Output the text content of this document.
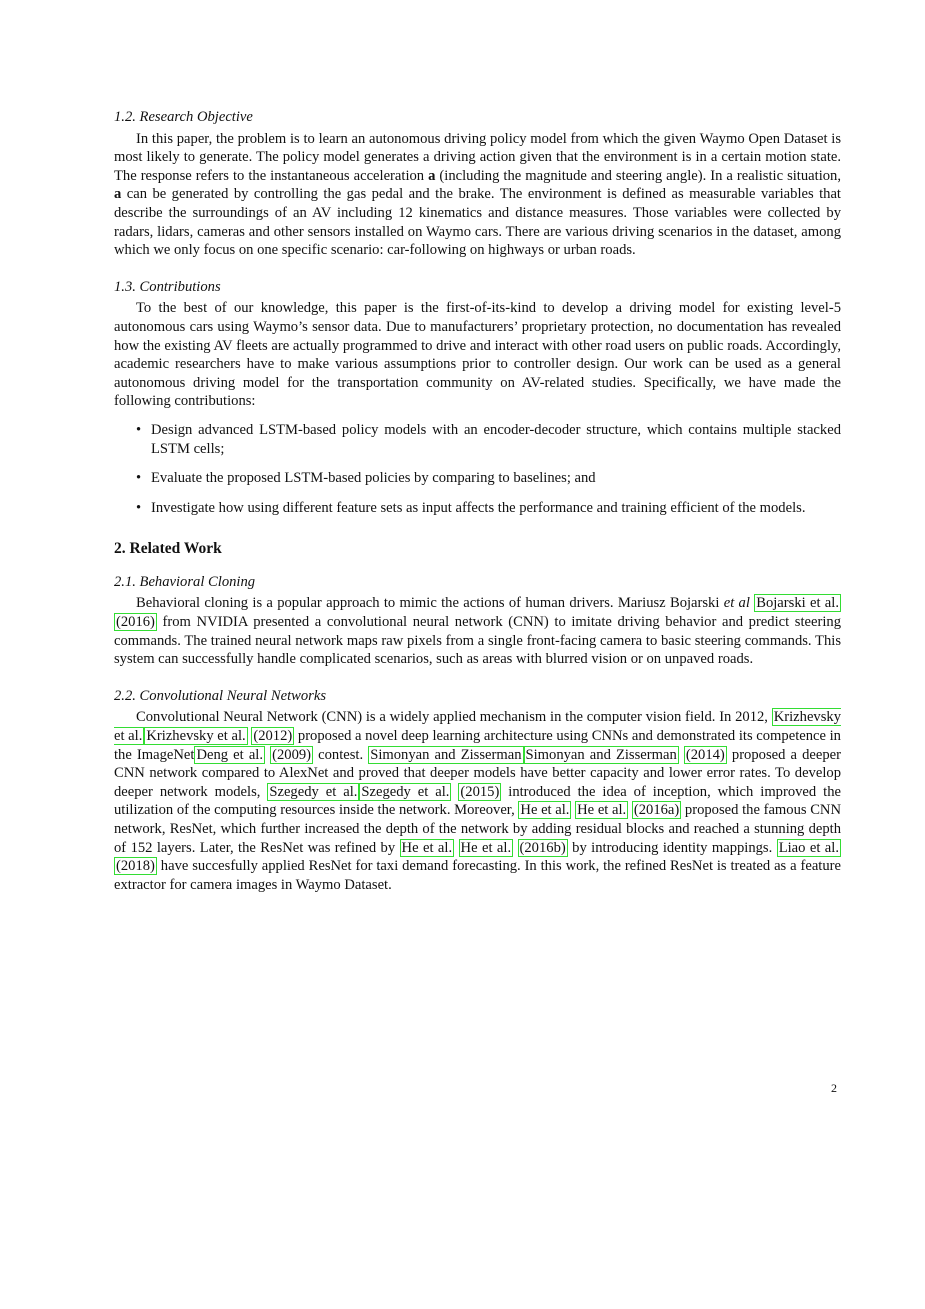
1.2. Research Objective

In this paper, the problem is to learn an autonomous driving policy model from which the given Waymo Open Dataset is most likely to generate. The policy model generates a driving action given that the environment is in a certain motion state. The response refers to the instantaneous acceleration a (including the magnitude and steering angle). In a realistic situation, a can be generated by controlling the gas pedal and the brake. The environment is defined as measurable variables that describe the surroundings of an AV including 12 kinematics and distance measures. Those variables were collected by radars, lidars, cameras and other sensors installed on Waymo cars. There are various driving scenarios in the dataset, among which we only focus on one specific scenario: car-following on highways or urban roads.

1.3. Contributions

To the best of our knowledge, this paper is the first-of-its-kind to develop a driving model for existing level-5 autonomous cars using Waymo’s sensor data. Due to manufacturers’ proprietary protection, no documentation has revealed how the existing AV fleets are actually programmed to drive and interact with other road users on public roads. Accordingly, academic researchers have to make various assumptions prior to controller design. Our work can be used as a general autonomous driving model for the transportation community on AV-related studies. Specifically, we have made the following contributions:

• Design advanced LSTM-based policy models with an encoder-decoder structure, which contains multiple stacked LSTM cells;
• Evaluate the proposed LSTM-based policies by comparing to baselines; and
• Investigate how using different feature sets as input affects the performance and training efficient of the models.
2. Related Work
2.1. Behavioral Cloning

Behavioral cloning is a popular approach to mimic the actions of human drivers. Mariusz Bojarski et al Bojarski et al. (2016) from NVIDIA presented a convolutional neural network (CNN) to imitate driving behavior and predict steering commands. The trained neural network maps raw pixels from a single front-facing camera to basic steering commands. This system can successfully handle complicated scenarios, such as areas with blurred vision or on unpaved roads.

2.2. Convolutional Neural Networks

Convolutional Neural Network (CNN) is a widely applied mechanism in the computer vision field. In 2012, Krizhevsky et al. Krizhevsky et al. (2012) proposed a novel deep learning architecture using CNNs and demonstrated its competence in the ImageNet Deng et al. (2009) contest. Simonyan and Zisserman Simonyan and Zisserman (2014) proposed a deeper CNN network compared to AlexNet and proved that deeper models have better capacity and lower error rates. To develop deeper network models, Szegedy et al. Szegedy et al. (2015) introduced the idea of inception, which improved the utilization of the computing resources inside the network. Moreover, He et al. He et al. (2016a) proposed the famous CNN network, ResNet, which further increased the depth of the network by adding residual blocks and reached a stunning depth of 152 layers. Later, the ResNet was refined by He et al. He et al. (2016b) by introducing identity mappings. Liao et al. (2018) have succesfully applied ResNet for taxi demand forecasting. In this work, the refined ResNet is treated as a feature extractor for camera images in Waymo Dataset.

2
